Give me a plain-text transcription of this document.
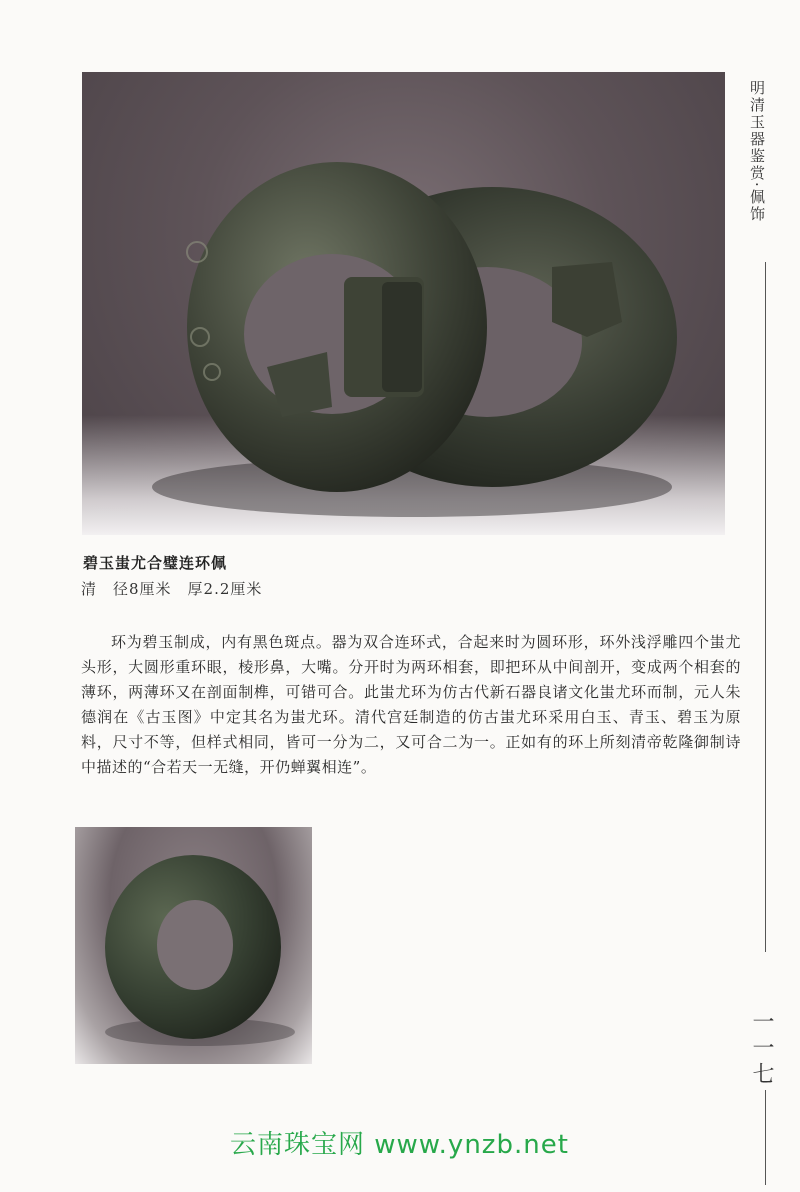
明清玉器鉴赏·佩饰
碧玉蚩尤合璧连环佩
清　径8厘米　厚2.2厘米

环为碧玉制成，内有黑色斑点。器为双合连环式，合起来时为圆环形，环外浅浮雕四个蚩尤头形，大圆形重环眼，棱形鼻，大嘴。分开时为两环相套，即把环从中间剖开，变成两个相套的薄环，两薄环又在剖面制榫，可错可合。此蚩尤环为仿古代新石器良诸文化蚩尤环而制，元人朱德润在《古玉图》中定其名为蚩尤环。清代宫廷制造的仿古蚩尤环采用白玉、青玉、碧玉为原料，尺寸不等，但样式相同，皆可一分为二，又可合二为一。正如有的环上所刻清帝乾隆御制诗中描述的“合若天一无缝，开仍蝉翼相连”。

一一七
云南珠宝网 www.ynzb.net
